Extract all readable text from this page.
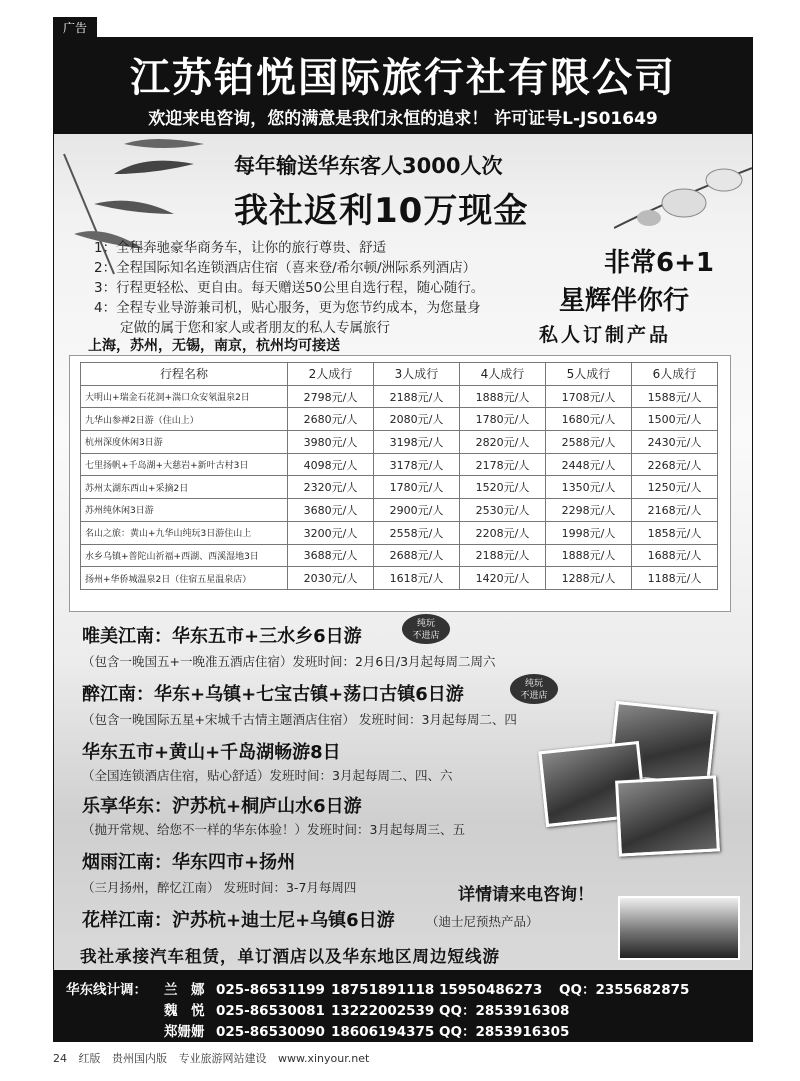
广告
江苏铂悦国际旅行社有限公司
欢迎来电咨询，您的满意是我们永恒的追求！ 许可证号L-JS01649
每年输送华东客人3000人次
我社返利10万现金
1：全程奔驰豪华商务车，让你的旅行尊贵、舒适
2：全程国际知名连锁酒店住宿（喜来登/希尔顿/洲际系列酒店）
3：行程更轻松、更自由。每天赠送50公里自选行程，随心随行。
4：全程专业导游兼司机，贴心服务，更为您节约成本，为您量身
定做的属于您和家人或者朋友的私人专属旅行
非常6+1
星辉伴你行
私人订制产品
上海，苏州，无锡，南京，杭州均可接送
行程名称	2人成行	3人成行	4人成行	5人成行	6人成行
大明山+瑞金石花洞+湍口众安氡温泉2日	2798元/人	2188元/人	1888元/人	1708元/人	1588元/人
九华山参禅2日游（住山上）	2680元/人	2080元/人	1780元/人	1680元/人	1500元/人
杭州深度休闲3日游	3980元/人	3198元/人	2820元/人	2588元/人	2430元/人
七里扬帆+千岛湖+大慈岩+新叶古村3日	4098元/人	3178元/人	2178元/人	2448元/人	2268元/人
苏州太湖东西山+采摘2日	2320元/人	1780元/人	1520元/人	1350元/人	1250元/人
苏州纯休闲3日游	3680元/人	2900元/人	2530元/人	2298元/人	2168元/人
名山之旅：黄山+九华山纯玩3日游住山上	3200元/人	2558元/人	2208元/人	1998元/人	1858元/人
水乡乌镇+普陀山祈福+西湖、西溪湿地3日	3688元/人	2688元/人	2188元/人	1888元/人	1688元/人
扬州+华侨城温泉2日（住宿五星温泉店）	2030元/人	1618元/人	1420元/人	1288元/人	1188元/人
唯美江南：华东五市+三水乡6日游
纯玩
不进店
（包含一晚国五+一晚准五酒店住宿）发班时间：2月6日/3月起每周二周六
醉江南：华东+乌镇+七宝古镇+荡口古镇6日游	纯玩
不进店
（包含一晚国际五星+宋城千古情主题酒店住宿） 发班时间：3月起每周二、四
华东五市+黄山+千岛湖畅游8日
（全国连锁酒店住宿，贴心舒适）发班时间：3月起每周二、四、六
乐享华东：沪苏杭+桐庐山水6日游
（抛开常规、给您不一样的华东体验！）发班时间：3月起每周三、五
烟雨江南：华东四市+扬州
（三月扬州，醉忆江南） 发班时间：3-7月每周四
花样江南：沪苏杭+迪士尼+乌镇6日游	（迪士尼预热产品）
详情请来电咨询！
我社承接汽车租赁，单订酒店以及华东地区周边短线游
华东线计调： 兰　娜 025-86531199 18751891118 15950486273 QQ：2355682875
魏　悦 025-86530081 13222002539 QQ：2853916308
郑姗姗 025-86530090 18606194375 QQ：2853916305
24 红版 贵州国内版 专业旅游网站建设 www.xinyour.net
